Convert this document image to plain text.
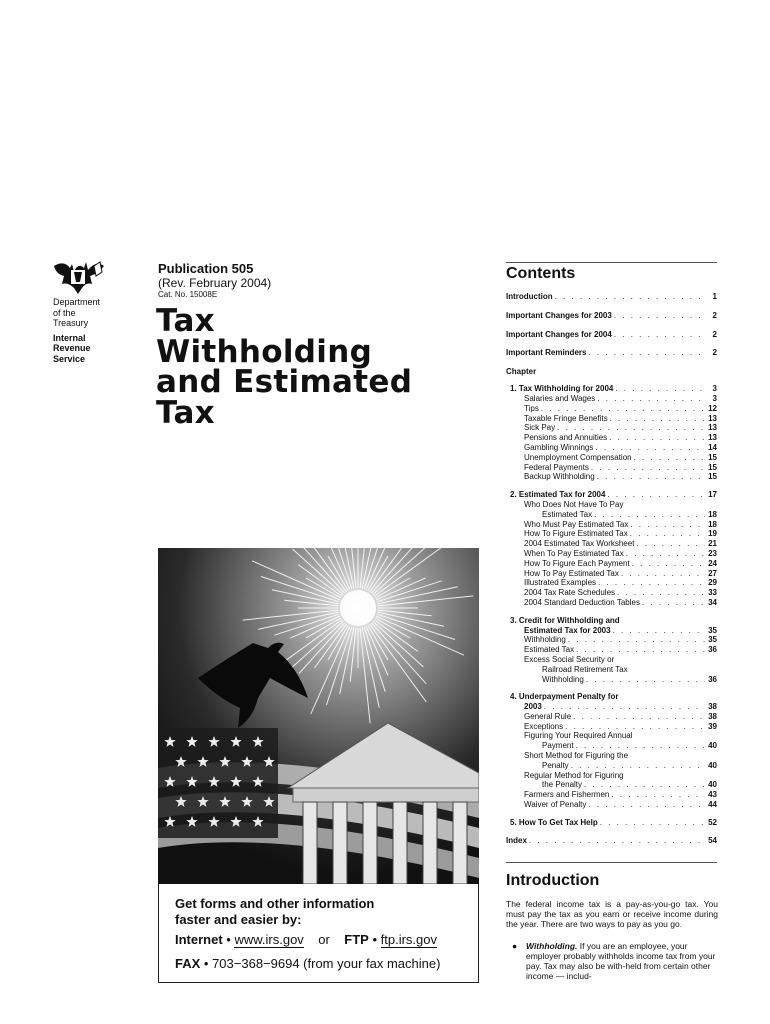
Department
of the
Treasury
Internal
Revenue
Service
Publication 505
(Rev. February 2004)
Cat. No. 15008E
Tax
Withholding
and Estimated
Tax
Get forms and other information
faster and easier by:
Internet • www.irs.gov or FTP • ftp.irs.gov
FAX • 703−368−9694 (from your fax machine)
Contents
Introduction . . .	1
Important Changes for 2003 . . .	2
Important Changes for 2004 . . .	2
Important Reminders . . .	2
Chapter
1. Tax Withholding for 2004 . . .	3
Salaries and Wages . . .	3
Tips . . .	12
Taxable Fringe Benefits . . .	13
Sick Pay . . .	13
Pensions and Annuities . . .	13
Gambling Winnings . . .	14
Unemployment Compensation . . .	15
Federal Payments . . .	15
Backup Withholding . . .	15
2. Estimated Tax for 2004 . . .	17
Who Does Not Have To Pay
Estimated Tax . . .	18
Who Must Pay Estimated Tax . . .	18
How To Figure Estimated Tax . . .	19
2004 Estimated Tax Worksheet . . .	21
When To Pay Estimated Tax . . .	23
How To Figure Each Payment . . .	24
How To Pay Estimated Tax . . .	27
Illustrated Examples . . .	29
2004 Tax Rate Schedules . . .	33
2004 Standard Deduction Tables . . .	34
3. Credit for Withholding and
Estimated Tax for 2003 . . .	35
Withholding . . .	35
Estimated Tax . . .	36
Excess Social Security or
Railroad Retirement Tax
Withholding . . .	36
4. Underpayment Penalty for
2003 . . .	38
General Rule . . .	38
Exceptions . . .	39
Figuring Your Required Annual
Payment . . .	40
Short Method for Figuring the
Penalty . . .	40
Regular Method for Figuring
the Penalty . . .	40
Farmers and Fishermen . . .	43
Waiver of Penalty . . .	44
5. How To Get Tax Help . . .	52
Index . . .	54
Introduction
The federal income tax is a pay-as-you-go tax. You must pay the tax as you earn or receive income during the year. There are two ways to pay as you go.
● Withholding. If you are an employee, your employer probably withholds income tax from your pay. Tax may also be with-held from certain other income — includ-
